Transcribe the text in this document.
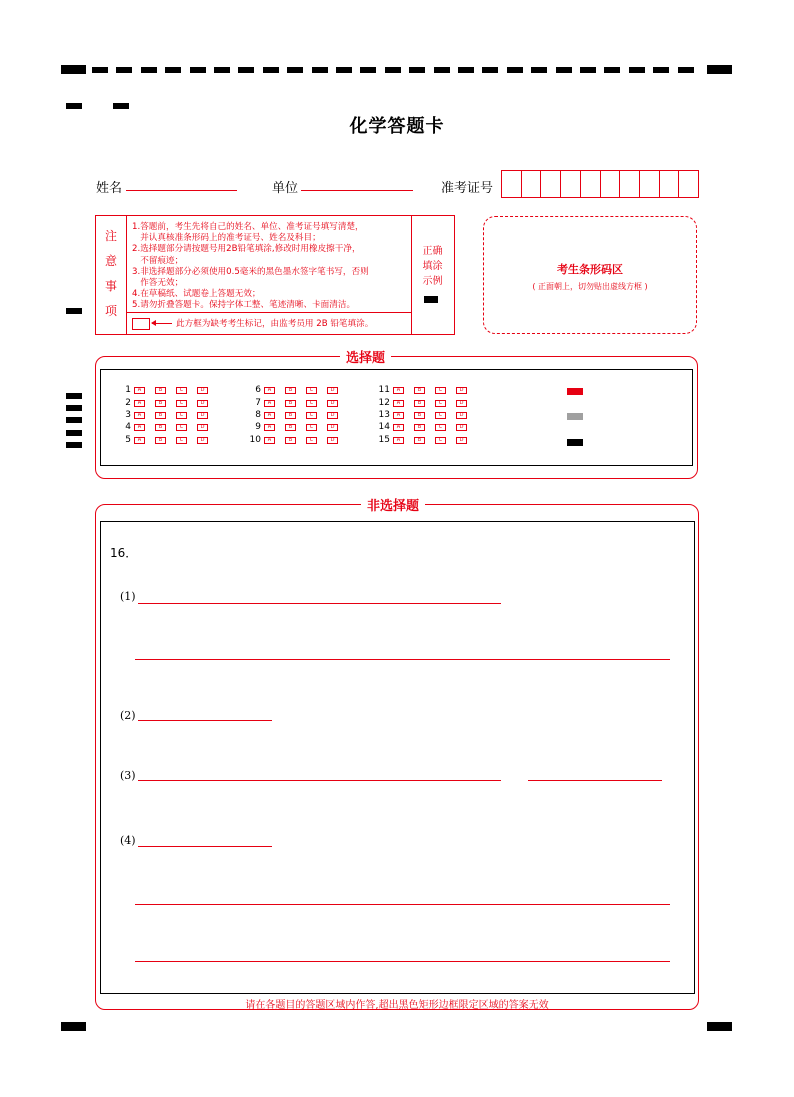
化学答题卡
姓名	单位	准考证号
注
意
事
项
1.答题前，考生先将自己的姓名、单位、准考证号填写清楚，
并认真核准条形码上的准考证号、姓名及科目；
2.选择题部分请按题号用2B铅笔填涂,修改时用橡皮擦干净，
不留痕迹；
3.非选择题部分必须使用0.5毫米的黑色墨水签字笔书写，否则
作答无效；
4.在草稿纸、试题卷上答题无效；
5.请勿折叠答题卡。保持字体工整、笔迹清晰、卡面清洁。
此方框为缺考考生标记，由监考员用 2B 铅笔填涂。
正确
填涂
示例
考生条形码区
( 正面朝上，切勿贴出虚线方框 )
选择题
非选择题
16．
(1)
(2)
(3)
(4)
请在各题目的答题区域内作答,超出黑色矩形边框限定区域的答案无效
1	A	B	C	D
2	A	B	C	D
3	A	B	C	D
4	A	B	C	D
5	A	B	C	D
6	A	B	C	D
7	A	B	C	D
8	A	B	C	D
9	A	B	C	D
10	A	B	C	D
11	A	B	C	D
12	A	B	C	D
13	A	B	C	D
14	A	B	C	D
15	A	B	C	D
